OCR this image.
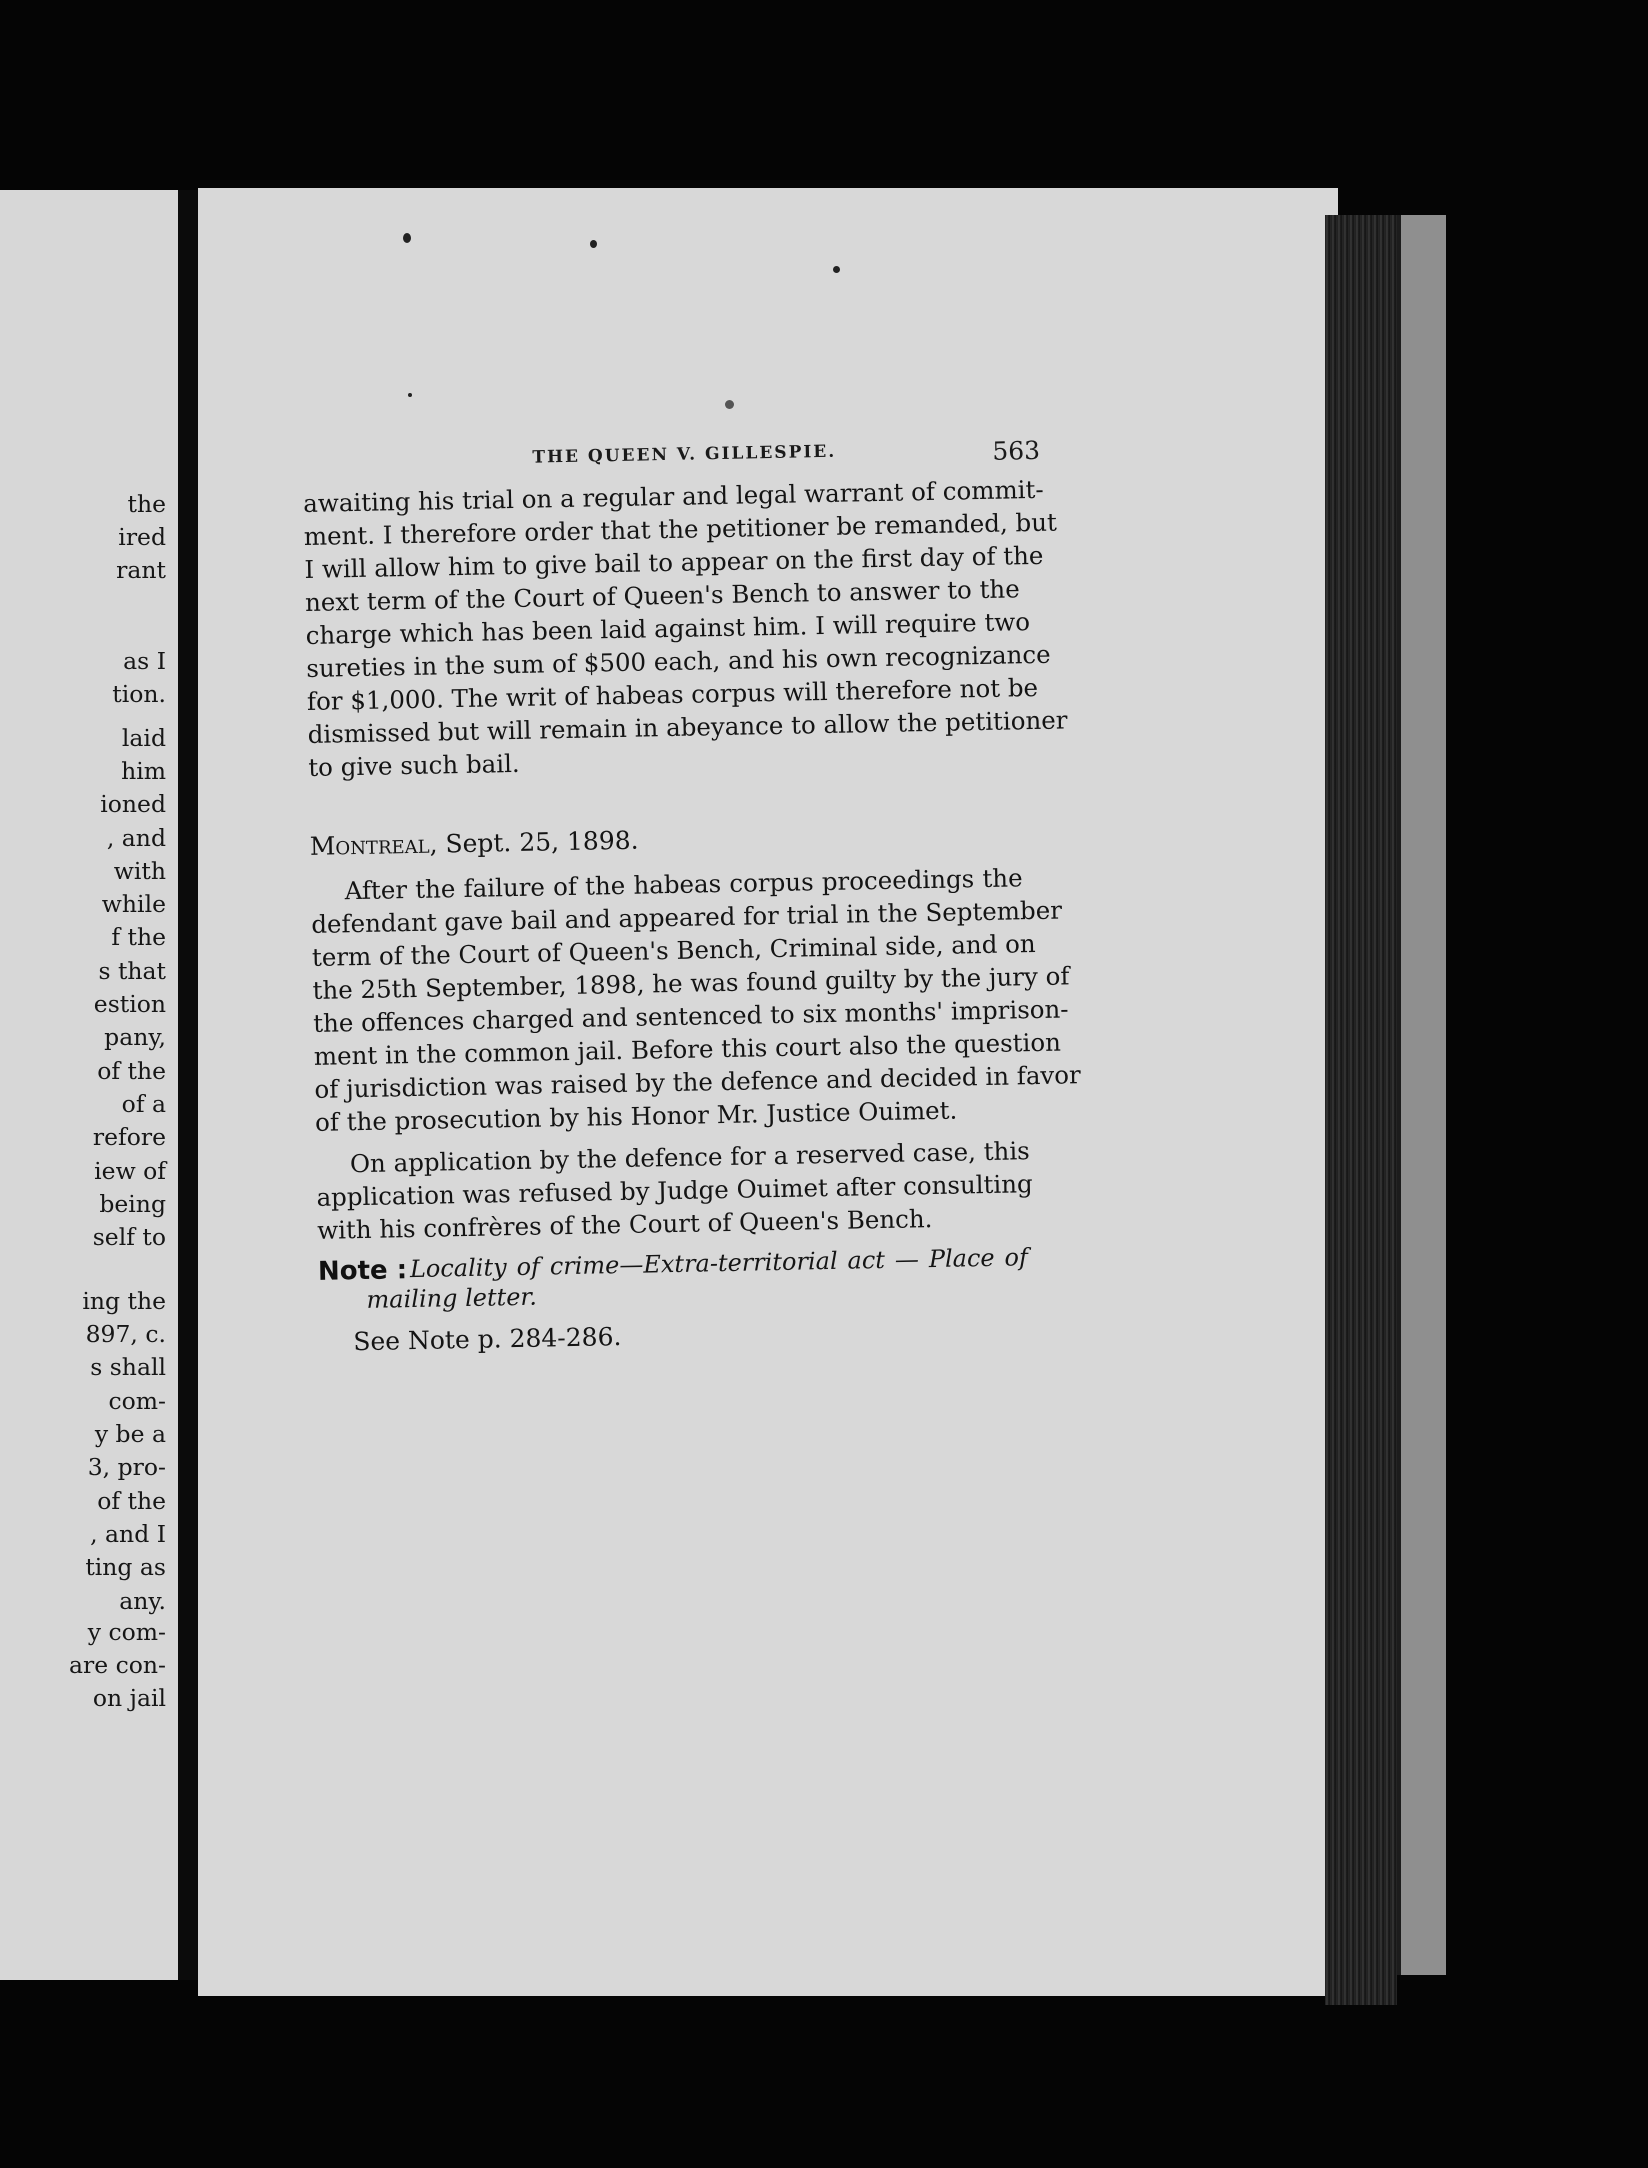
the
ired
rant
as I
tion.
laid
him
ioned
, and
with
while
f the
s that
estion
pany,
of the
of a
refore
iew of
being
self to
ing the
897, c.
s shall
com-
y be a
3, pro-
of the
, and I
ting as
any.
y com-
are con-
on jail
THE QUEEN V. GILLESPIE.	563
awaiting his trial on a regular and legal warrant of commit-
ment. I therefore order that the petitioner be remanded, but
I will allow him to give bail to appear on the first day of the
next term of the Court of Queen's Bench to answer to the
charge which has been laid against him. I will require two
sureties in the sum of $500 each, and his own recognizance
for $1,000. The writ of habeas corpus will therefore not be
dismissed but will remain in abeyance to allow the petitioner
to give such bail.
Montreal, Sept. 25, 1898.
After the failure of the habeas corpus proceedings the
defendant gave bail and appeared for trial in the September
term of the Court of Queen's Bench, Criminal side, and on
the 25th September, 1898, he was found guilty by the jury of
the offences charged and sentenced to six months' imprison-
ment in the common jail. Before this court also the question
of jurisdiction was raised by the defence and decided in favor
of the prosecution by his Honor Mr. Justice Ouimet.
On application by the defence for a reserved case, this
application was refused by Judge Ouimet after consulting
with his confrères of the Court of Queen's Bench.
Note : Locality of crime—Extra-territorial act — Place of
mailing letter.
See Note p. 284-286.
